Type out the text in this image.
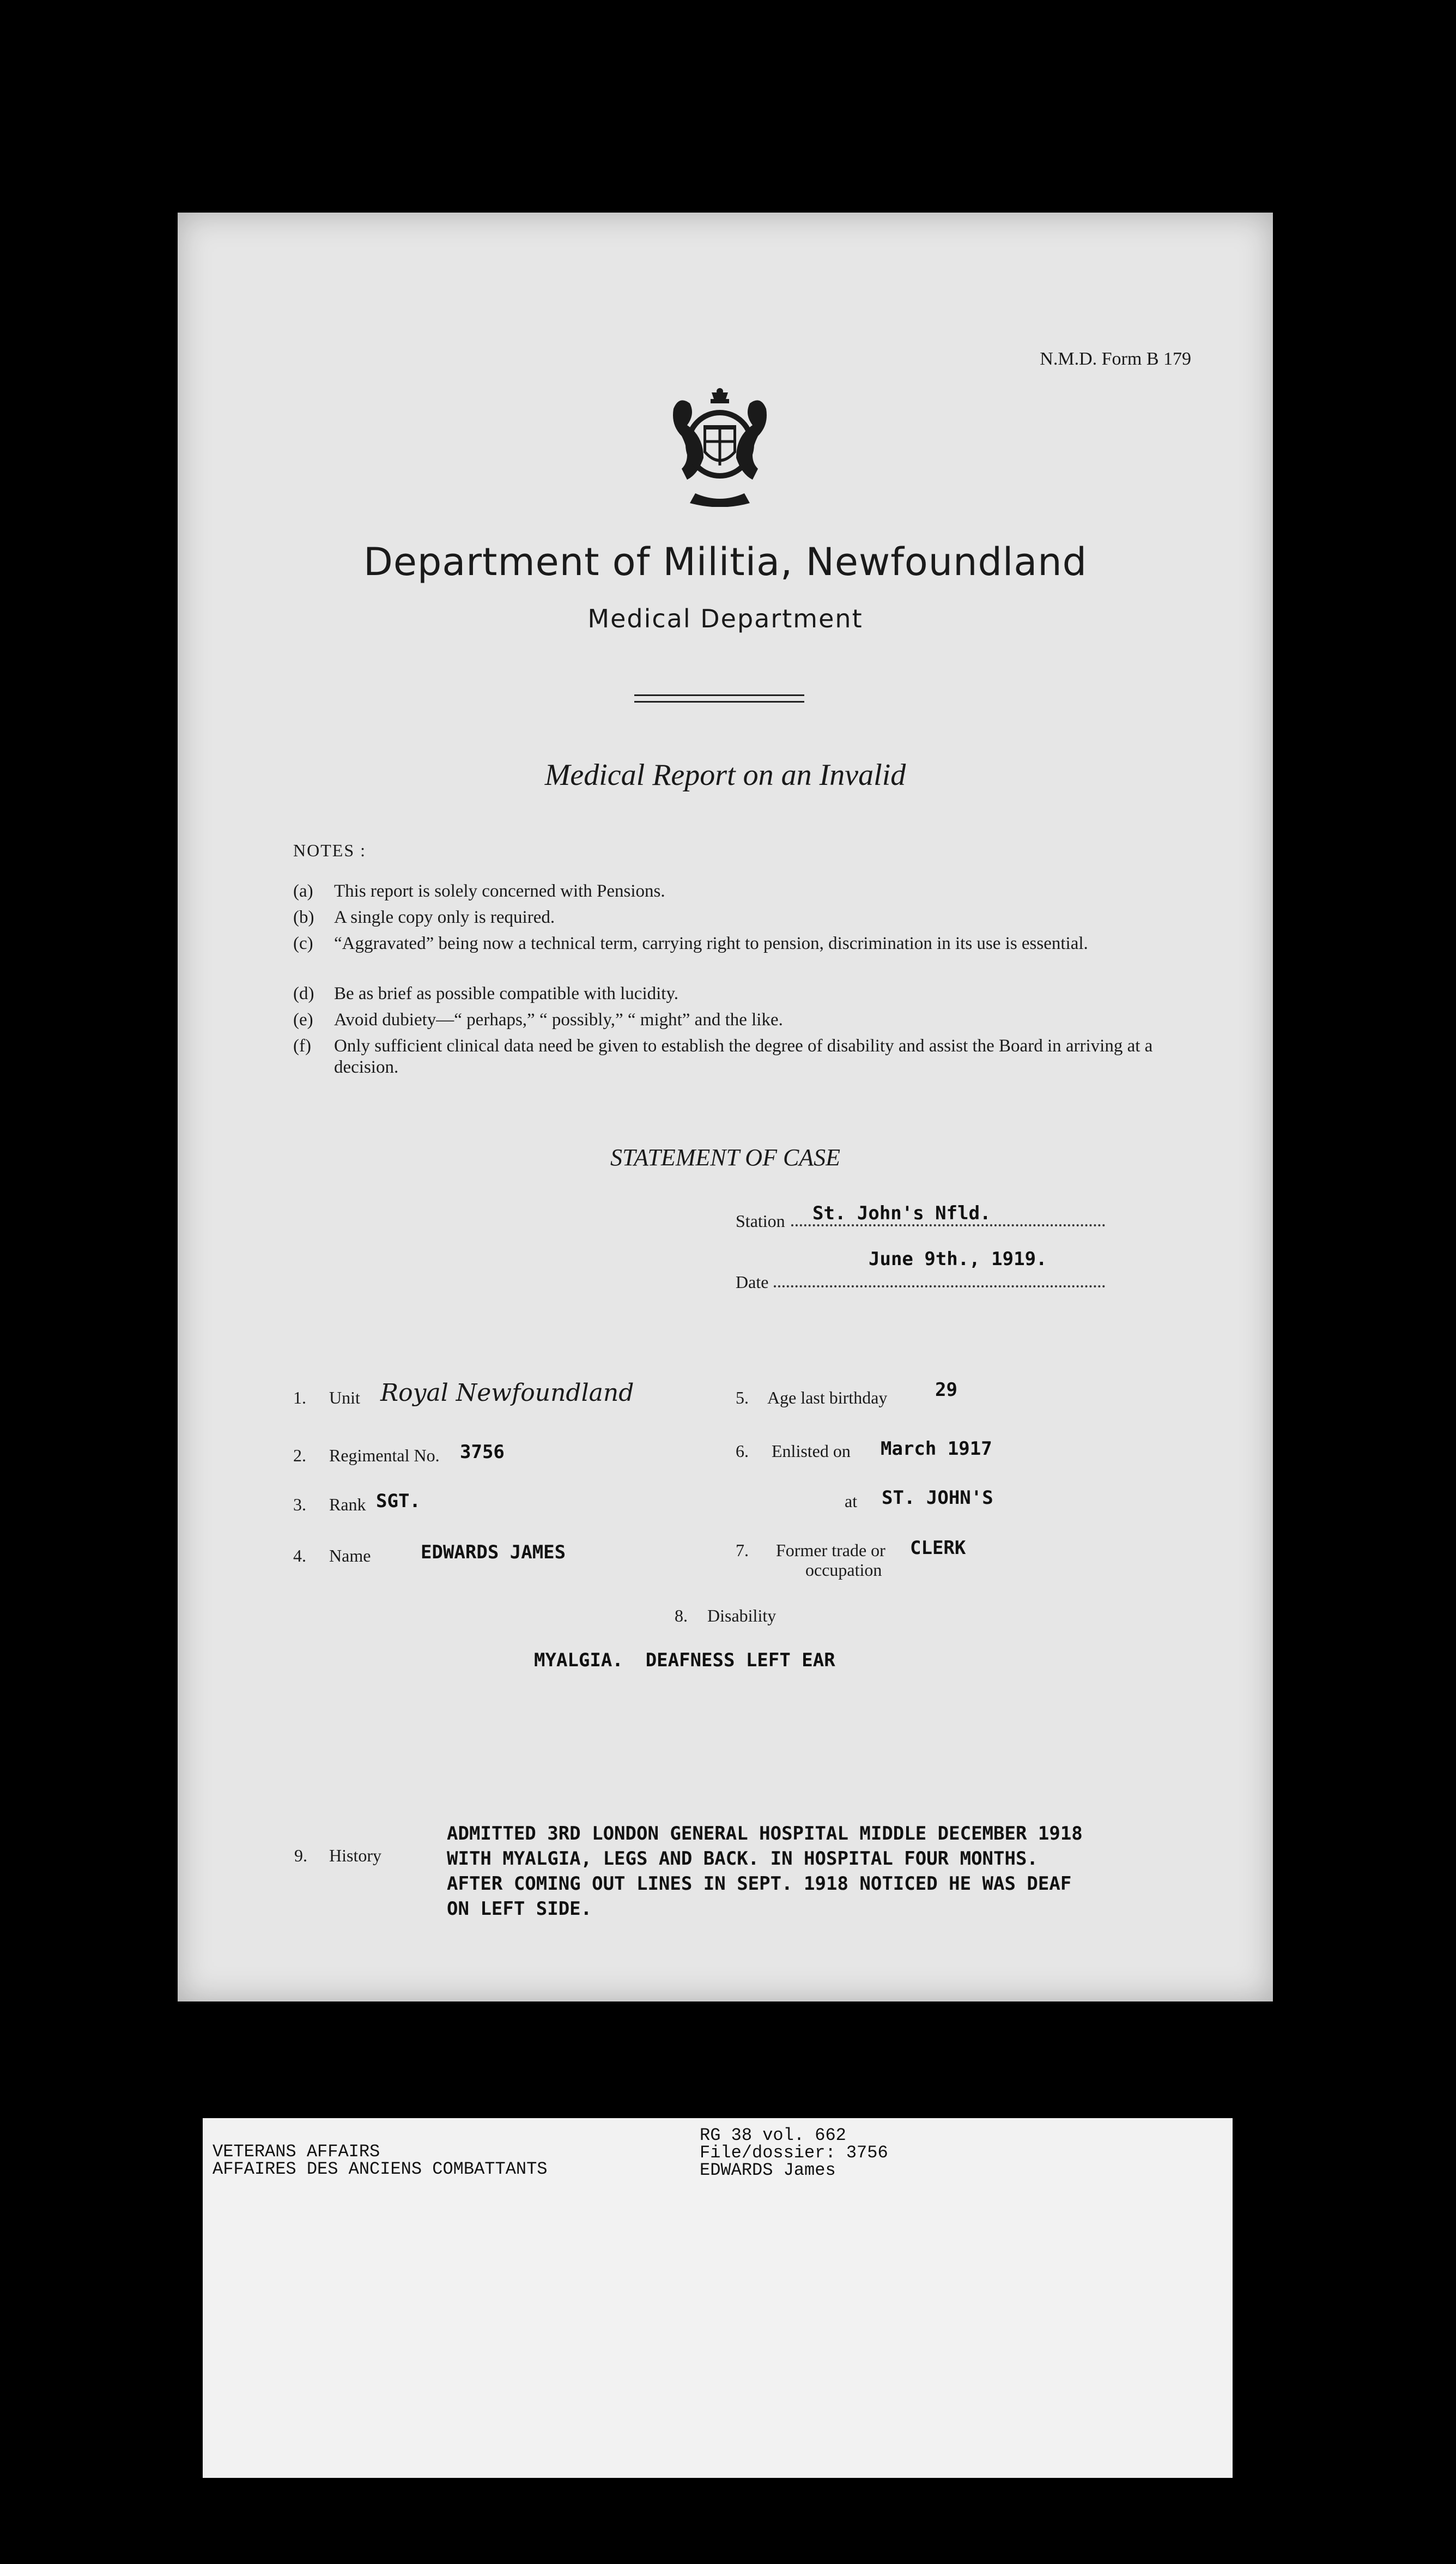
N.M.D. Form B 179
Department of Militia, Newfoundland
Medical Department
Medical Report on an Invalid
NOTES :
(a) This report is solely concerned with Pensions.
(b) A single copy only is required.
(c) “Aggravated” being now a technical term, carrying right to pension, discrimination in its use is essential.
(d) Be as brief as possible compatible with lucidity.
(e) Avoid dubiety—“ perhaps,” “ possibly,” “ might” and the like.
(f) Only sufficient clinical data need be given to establish the degree of disability and assist the Board in arriving at a decision.
STATEMENT OF CASE
Station St. John's Nfld.
June 9th., 1919.
Date
1. Unit Royal Newfoundland
2. Regimental No. 3756
3. Rank SGT.
4. Name	EDWARDS JAMES
5. Age last birthday	29
6. Enlisted on March 1917
at ST. JOHN'S
7. Former trade or
occupation
CLERK
8. Disability
MYALGIA.  DEAFNESS LEFT EAR
9. History
ADMITTED 3RD LONDON GENERAL HOSPITAL MIDDLE DECEMBER 1918
WITH MYALGIA, LEGS AND BACK. IN HOSPITAL FOUR MONTHS.
AFTER COMING OUT LINES IN SEPT. 1918 NOTICED HE WAS DEAF
ON LEFT SIDE.
VETERANS AFFAIRS
AFFAIRES DES ANCIENS COMBATTANTS
RG 38 vol. 662
File/dossier: 3756
EDWARDS James
